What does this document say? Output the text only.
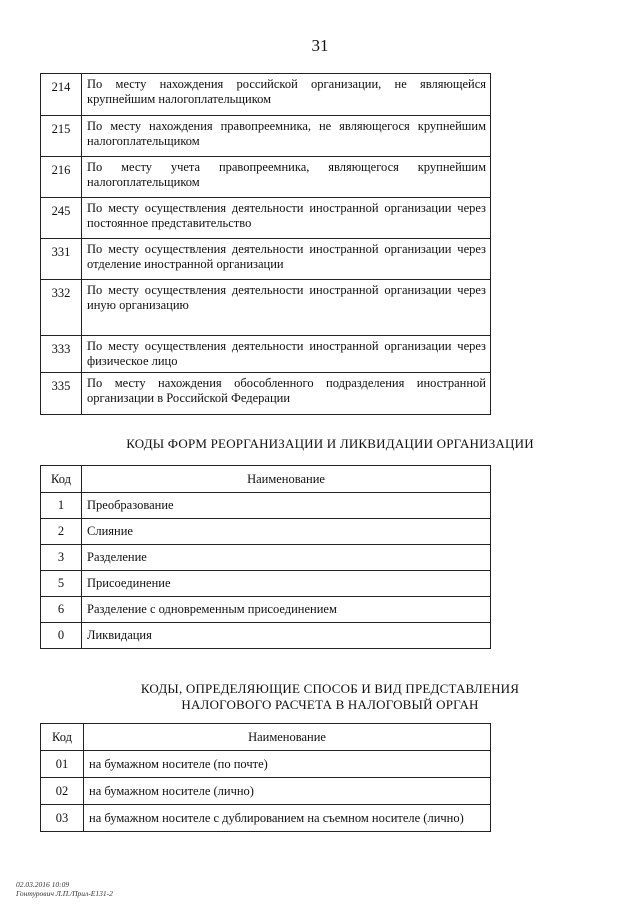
31
214	По месту нахождения российской организации, не являющейся крупнейшим налогоплательщиком
215	По месту нахождения правопреемника, не являющегося крупнейшим налогоплательщиком
216	По месту учета правопреемника, являющегося крупнейшим налогоплательщиком
245	По месту осуществления деятельности иностранной организации через постоянное представительство
331	По месту осуществления деятельности иностранной организации через отделение иностранной организации
332	По месту осуществления деятельности иностранной организации через иную организацию
333	По месту осуществления деятельности иностранной организации через физическое лицо
335	По месту нахождения обособленного подразделения иностранной организации в Российской Федерации
КОДЫ ФОРМ РЕОРГАНИЗАЦИИ И ЛИКВИДАЦИИ ОРГАНИЗАЦИИ
Код	Наименование
1	Преобразование
2	Слияние
3	Разделение
5	Присоединение
6	Разделение с одновременным присоединением
0	Ликвидация
КОДЫ, ОПРЕДЕЛЯЮЩИЕ СПОСОБ И ВИД ПРЕДСТАВЛЕНИЯ
НАЛОГОВОГО РАСЧЕТА В НАЛОГОВЫЙ ОРГАН
Код	Наименование
01	на бумажном носителе (по почте)
02	на бумажном носителе (лично)
03	на бумажном носителе с дублированием на съемном носителе (лично)
02.03.2016 10:09
Гонтурович Л.П./Прил-Е131-2
